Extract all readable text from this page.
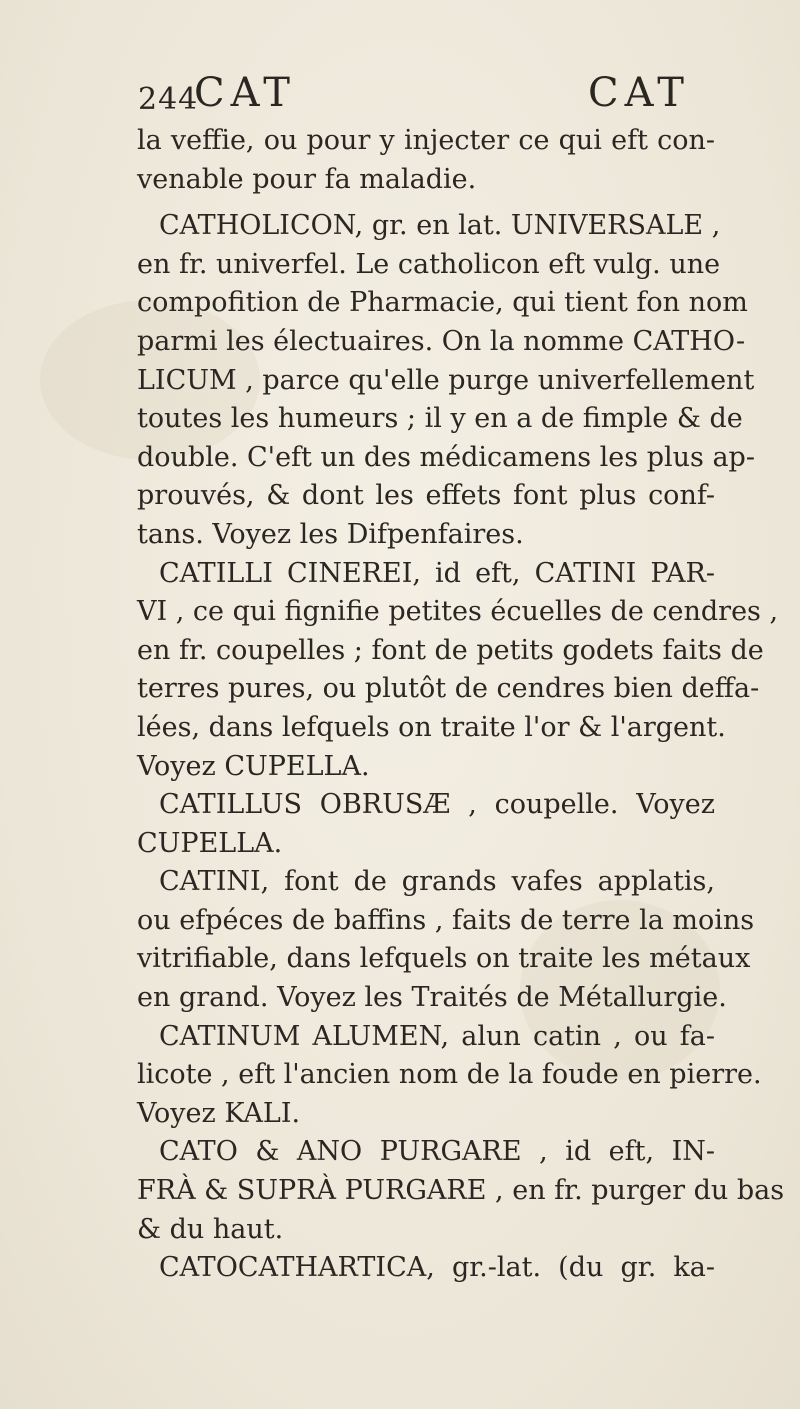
244
CAT	CAT
la veffie, ou pour y injecter ce qui eft con-
venable pour fa maladie.
CATHOLICON, gr. en lat. UNIVERSALE ,
en fr. univerfel. Le catholicon eft vulg. une
compofition de Pharmacie, qui tient fon nom
parmi les électuaires. On la nomme CATHO-
LICUM , parce qu'elle purge univerfellement
toutes les humeurs ; il y en a de fimple & de
double. C'eft un des médicamens les plus ap-
prouvés, & dont les effets font plus conf-
tans. Voyez les Difpenfaires.
CATILLI CINEREI, id eft, CATINI PAR-
VI , ce qui fignifie petites écuelles de cendres ,
en fr. coupelles ; font de petits godets faits de
terres pures, ou plutôt de cendres bien deffa-
lées, dans lefquels on traite l'or & l'argent.
Voyez CUPELLA.
CATILLUS OBRUSÆ , coupelle. Voyez
CUPELLA.
CATINI, font de grands vafes applatis,
ou efpéces de baffins , faits de terre la moins
vitrifiable, dans lefquels on traite les métaux
en grand. Voyez les Traités de Métallurgie.
CATINUM ALUMEN, alun catin , ou fa-
licote , eft l'ancien nom de la foude en pierre.
Voyez KALI.
CATO & ANO PURGARE , id eft, IN-
FRÀ & SUPRÀ PURGARE , en fr. purger du bas
& du haut.
CATOCATHARTICA, gr.-lat. (du gr. ka-
